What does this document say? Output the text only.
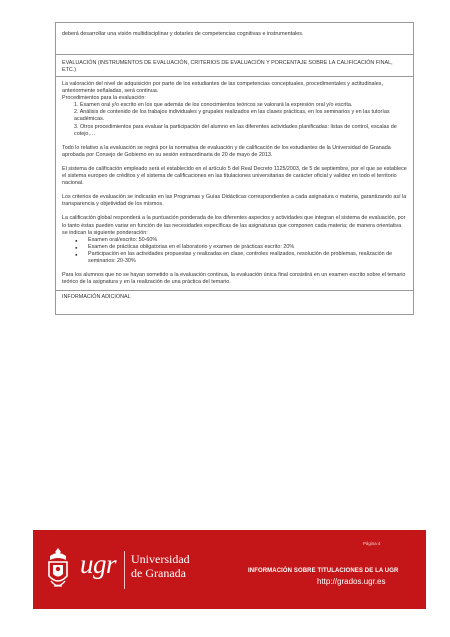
deberá desarrollar una visión multidisciplinar y dotarles de competencias cognitivas e instrumentales.

EVALUACIÓN (INSTRUMENTOS DE EVALUACIÓN, CRITERIOS DE EVALUACIÓN Y PORCENTAJE SOBRE LA CALIFICACIÓN FINAL, ETC.)

La valoración del nivel de adquisición por parte de los estudiantes de las competencias conceptuales, procedimentales y actitudinales, anteriormente señaladas, será continua.

Procedimientos para la evaluación:

1. Examen oral y/o escrito en los que además de los conocimientos teóricos se valorará la expresión oral y/o escrita.

2. Análisis de contenido de los trabajos individuales y grupales realizados en las clases prácticas, en los seminarios y en las tutorías académicas.

3. Otros procedimientos para evaluar la participación del alumno en las diferentes actividades planificadas: listas de control, escalas de cotejo,…

Todo lo relativo a la evaluación se regirá por la normativa de evaluación y de calificación de los estudiantes de la Universidad de Granada aprobada por Consejo de Gobierno en su sesión extraordinaria de 20 de mayo de 2013.

El sistema de calificación empleado será el establecido en el artículo 5 del Real Decreto 1125/2003, de 5 de septiembre, por el que se establece el sistema europeo de créditos y el sistema de calificaciones en las titulaciones universitarias de carácter oficial y validez en todo el territorio nacional.

Los criterios de evaluación se indicarán en las Programas y Guías Didácticas correspondientes a cada asignatura o materia, garantizando así la transparencia y objetividad de los mismos.

La calificación global responderá a la puntuación ponderada de los diferentes aspectos y actividades que integran el sistema de evaluación, por lo tanto éstas pueden variar en función de las necesidades específicas de las asignaturas que componen cada materia; de manera orientativa se indican la siguiente ponderación:

● Examen oral/escrito: 50-60%
● Examen de prácticas obligatorias en el laboratorio y examen de prácticas escrito: 20%
● Participación en las actividades propuestas y realizadas en clase, controles realizados, resolución de problemas, realización de seminarios: 20-30%

Para los alumnos que no se hayan sometido a la evaluación continua, la evaluación única final consistirá en un examen escrito sobre el temario teórico de la asignatura y en la realización de una práctica del temario.

INFORMACIÓN ADICIONAL

Página 4
ugr Universidad
de Granada	INFORMACIÓN SOBRE TITULACIONES DE LA UGR
http://grados.ugr.es
